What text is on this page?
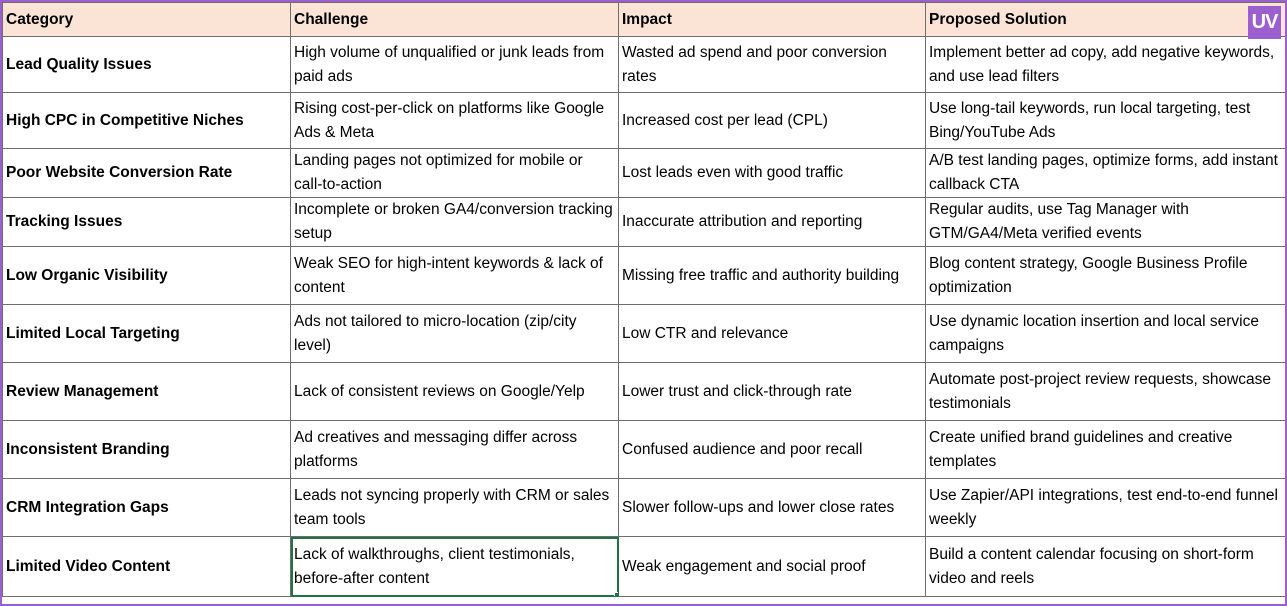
Category	Challenge	Impact	Proposed Solution
Lead Quality Issues	High volume of unqualified or junk leads from paid ads	Wasted ad spend and poor conversion rates	Implement better ad copy, add negative keywords, and use lead filters
High CPC in Competitive Niches	Rising cost-per-click on platforms like Google Ads & Meta	Increased cost per lead (CPL)	Use long-tail keywords, run local targeting, test Bing/YouTube Ads
Poor Website Conversion Rate	Landing pages not optimized for mobile or call-to-action	Lost leads even with good traffic	A/B test landing pages, optimize forms, add instant callback CTA
Tracking Issues	Incomplete or broken GA4/conversion tracking setup	Inaccurate attribution and reporting	Regular audits, use Tag Manager with GTM/GA4/Meta verified events
Low Organic Visibility	Weak SEO for high-intent keywords & lack of content	Missing free traffic and authority building	Blog content strategy, Google Business Profile optimization
Limited Local Targeting	Ads not tailored to micro-location (zip/city level)	Low CTR and relevance	Use dynamic location insertion and local service campaigns
Review Management	Lack of consistent reviews on Google/Yelp	Lower trust and click-through rate	Automate post-project review requests, showcase testimonials
Inconsistent Branding	Ad creatives and messaging differ across platforms	Confused audience and poor recall	Create unified brand guidelines and creative templates
CRM Integration Gaps	Leads not syncing properly with CRM or sales team tools	Slower follow-ups and lower close rates	Use Zapier/API integrations, test end-to-end funnel weekly
Limited Video Content	Lack of walkthroughs, client testimonials, before-after content	Weak engagement and social proof	Build a content calendar focusing on short-form video and reels
UV
